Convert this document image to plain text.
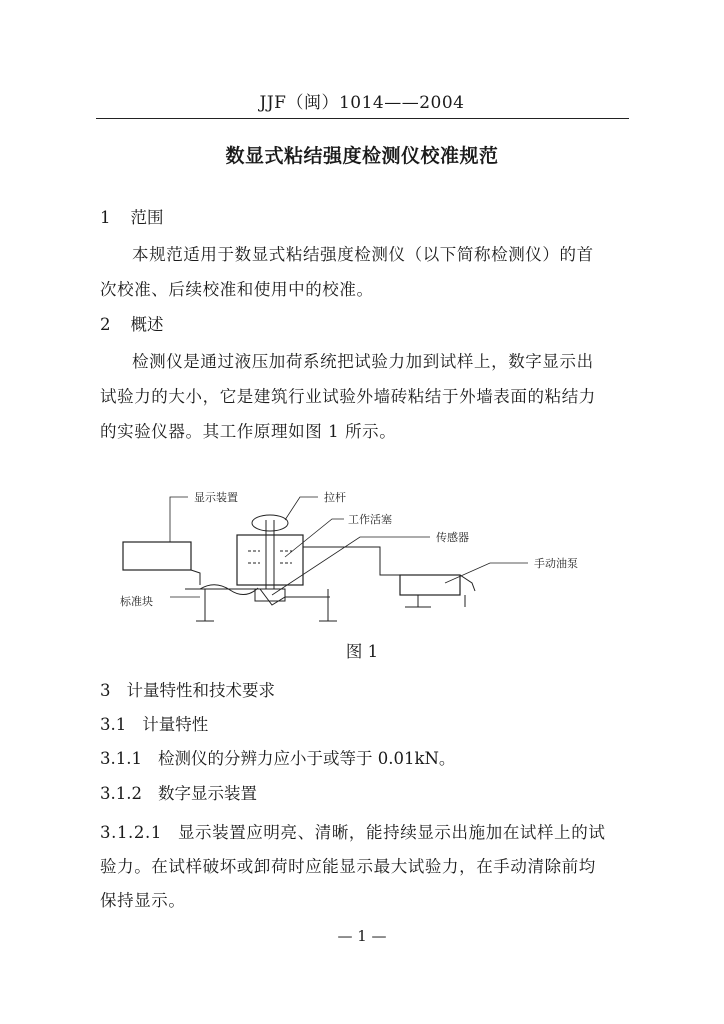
JJF（闽）1014——2004
数显式粘结强度检测仪校准规范
1 范围
本规范适用于数显式粘结强度检测仪（以下简称检测仪）的首
次校准、后续校准和使用中的校准。
2 概述
检测仪是通过液压加荷系统把试验力加到试样上，数字显示出
试验力的大小，它是建筑行业试验外墙砖粘结于外墙表面的粘结力
的实验仪器。其工作原理如图 1 所示。
显示装置	拉杆
工作活塞
传感器
手动油泵
标准块
图 1
3 计量特性和技术要求
3.1 计量特性
3.1.1 检测仪的分辨力应小于或等于 0.01kN。
3.1.2 数字显示装置
3.1.2.1 显示装置应明亮、清晰，能持续显示出施加在试样上的试
验力。在试样破坏或卸荷时应能显示最大试验力，在手动清除前均
保持显示。
— 1 —
